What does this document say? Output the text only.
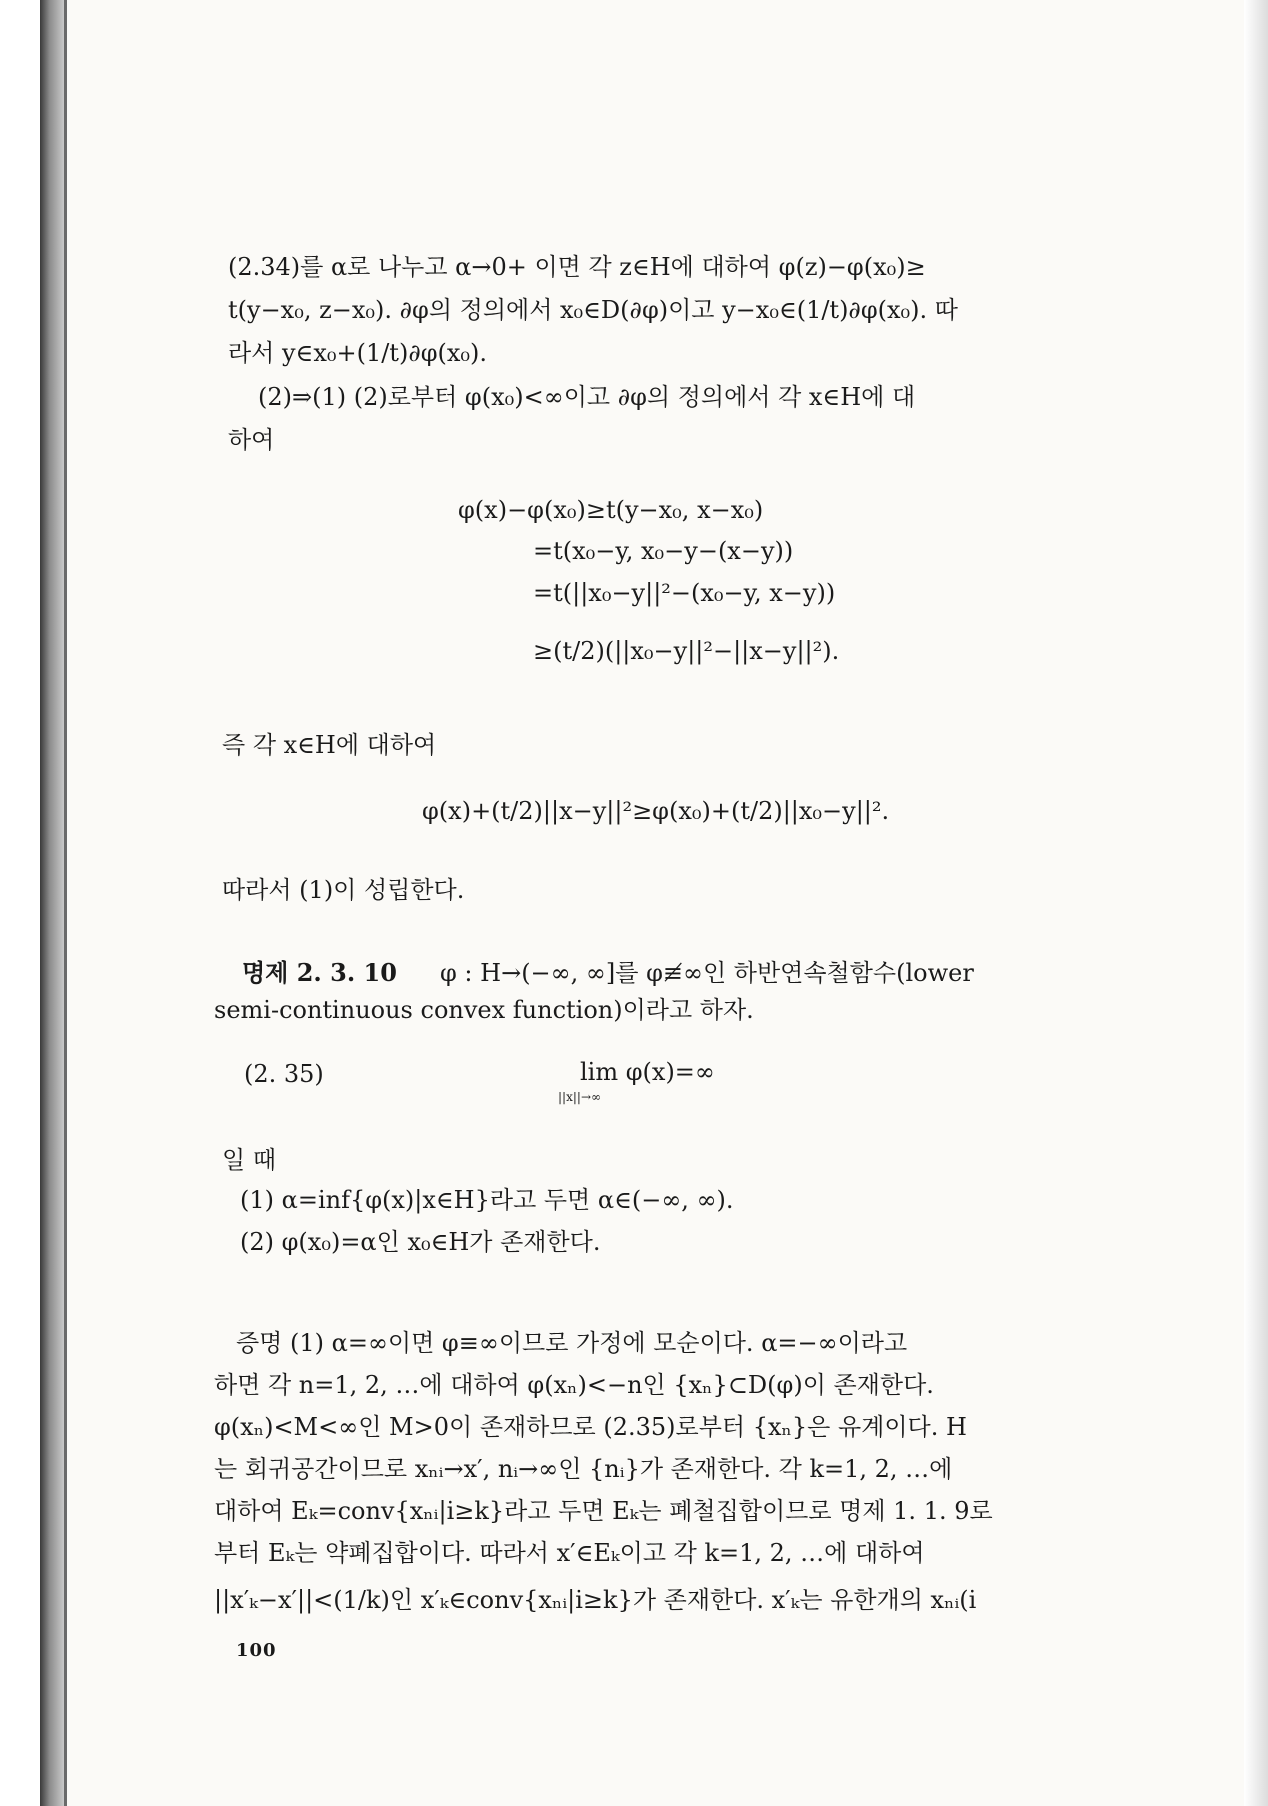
(2.34)를 α로 나누고 α→0+ 이면 각 z∈H에 대하여 φ(z)−φ(x₀)≥
t(y−x₀, z−x₀). ∂φ의 정의에서 x₀∈D(∂φ)이고 y−x₀∈(1/t)∂φ(x₀). 따
라서 y∈x₀+(1/t)∂φ(x₀).
(2)⇒(1) (2)로부터 φ(x₀)<∞이고 ∂φ의 정의에서 각 x∈H에 대
하여
φ(x)−φ(x₀)≥t(y−x₀, x−x₀)
=t(x₀−y, x₀−y−(x−y))
=t(||x₀−y||²−(x₀−y, x−y))
≥(t/2)(||x₀−y||²−||x−y||²).
즉 각 x∈H에 대하여
φ(x)+(t/2)||x−y||²≥φ(x₀)+(t/2)||x₀−y||².
따라서 (1)이 성립한다.
명제 2. 3. 10 φ : H→(−∞, ∞]를 φ≢∞인 하반연속철함수(lower
semi-continuous convex function)이라고 하자.
(2. 35)	lim φ(x)=∞
||x||→∞
일 때
(1) α=inf{φ(x)|x∈H}라고 두면 α∈(−∞, ∞).
(2) φ(x₀)=α인 x₀∈H가 존재한다.
증명 (1) α=∞이면 φ≡∞이므로 가정에 모순이다. α=−∞이라고
하면 각 n=1, 2, …에 대하여 φ(xₙ)<−n인 {xₙ}⊂D(φ)이 존재한다.
φ(xₙ)<M<∞인 M>0이 존재하므로 (2.35)로부터 {xₙ}은 유계이다. H
는 회귀공간이므로 xₙᵢ→x′, nᵢ→∞인 {nᵢ}가 존재한다. 각 k=1, 2, …에
대하여 Eₖ=conv{xₙᵢ|i≥k}라고 두면 Eₖ는 폐철집합이므로 명제 1. 1. 9로
부터 Eₖ는 약폐집합이다. 따라서 x′∈Eₖ이고 각 k=1, 2, …에 대하여
||x′ₖ−x′||<(1/k)인 x′ₖ∈conv{xₙᵢ|i≥k}가 존재한다. x′ₖ는 유한개의 xₙᵢ(i
100
